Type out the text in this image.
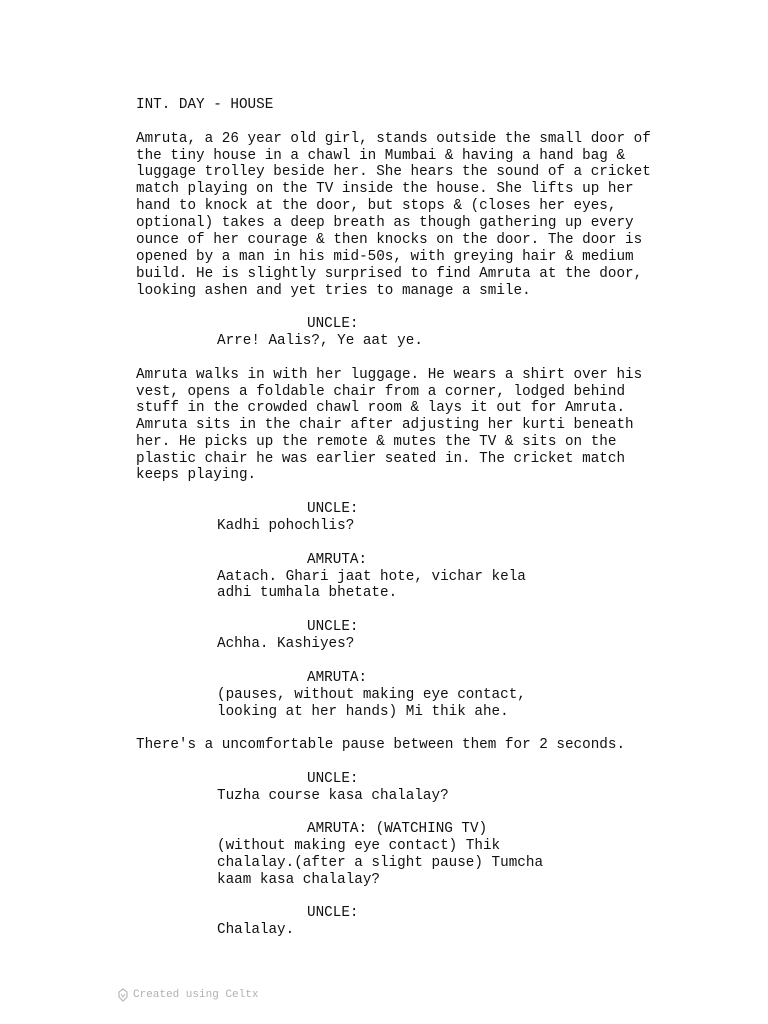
INT. DAY - HOUSE
Amruta, a 26 year old girl, stands outside the small door of
the tiny house in a chawl in Mumbai & having a hand bag &
luggage trolley beside her. She hears the sound of a cricket
match playing on the TV inside the house. She lifts up her
hand to knock at the door, but stops & (closes her eyes,
optional) takes a deep breath as though gathering up every
ounce of her courage & then knocks on the door. The door is
opened by a man in his mid-50s, with greying hair & medium
build. He is slightly surprised to find Amruta at the door,
looking ashen and yet tries to manage a smile.
UNCLE:
Arre! Aalis?, Ye aat ye.
Amruta walks in with her luggage. He wears a shirt over his
vest, opens a foldable chair from a corner, lodged behind
stuff in the crowded chawl room & lays it out for Amruta.
Amruta sits in the chair after adjusting her kurti beneath
her. He picks up the remote & mutes the TV & sits on the
plastic chair he was earlier seated in. The cricket match
keeps playing.
UNCLE:
Kadhi pohochlis?
AMRUTA:
Aatach. Ghari jaat hote, vichar kela
adhi tumhala bhetate.
UNCLE:
Achha. Kashiyes?
AMRUTA:
(pauses, without making eye contact,
looking at her hands) Mi thik ahe.
There's a uncomfortable pause between them for 2 seconds.
UNCLE:
Tuzha course kasa chalalay?
AMRUTA: (WATCHING TV)
(without making eye contact) Thik
chalalay.(after a slight pause) Tumcha
kaam kasa chalalay?
UNCLE:
Chalalay.
Created using Celtx
